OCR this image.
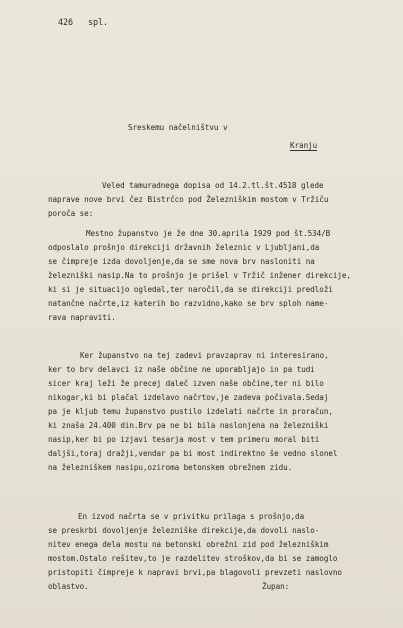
426   spl.
Sreskemu načelništvu v
Kranju
Veled tamuradnega dopisa od 14.2.tl.št.4518 glede
naprave nove brvi čez Bistrčco pod Železniškim mostom v Tržiču
poroča se:
Mestno županstvo je že dne 30.aprila 1929 pod št.534/B
odposlalo prošnjo direkciji državnih železnic v Ljubljani,da
se čimpreje izda dovoljenje,da se sme nova brv nasloniti na
železniški nasip.Na to prošnjo je prišel v Tržič inžener direkcije,
ki si je situacijo ogledal,ter naročil,da se direkciji predloži
natančne načrte,iz katerih bo razvidno,kako se brv sploh name-
rava napraviti.
Ker županstvo na tej zadevi pravzaprav ni interesirano,
ker to brv delavci iz naše občine ne uporabljajo in pa tudi
sicer kraj leži že precej daleč izven naše občine,ter ni bilo
nikogar,ki bi plačal izdelavo načrtov,je zadeva počivala.Sedaj
pa je kljub temu županstvo pustilo izdelati načrte in proračun,
ki znaša 24.400 din.Brv pa ne bi bila naslonjena na železniški
nasip,ker bi po izjavi tesarja most v tem primeru moral biti
daljši,toraj dražji,vendar pa bi most indirektno še vedno slonel
na železniškem nasipu,oziroma betonskem obrežnem zidu.
En izvod načrta se v privitku prilaga s prošnjo,da
se preskrbi dovoljenje železniške direkcije,da dovoli naslo-
nitev enega dela mostu na betonski obrežni zid pod železniškim
mostom.Ostalo rešitev,to je razdelitev stroškov,da bi se zamoglo
pristopiti čimpreje k napravi brvi,pa blagovoli prevzeti naslovno
oblastvo.	Župan:
